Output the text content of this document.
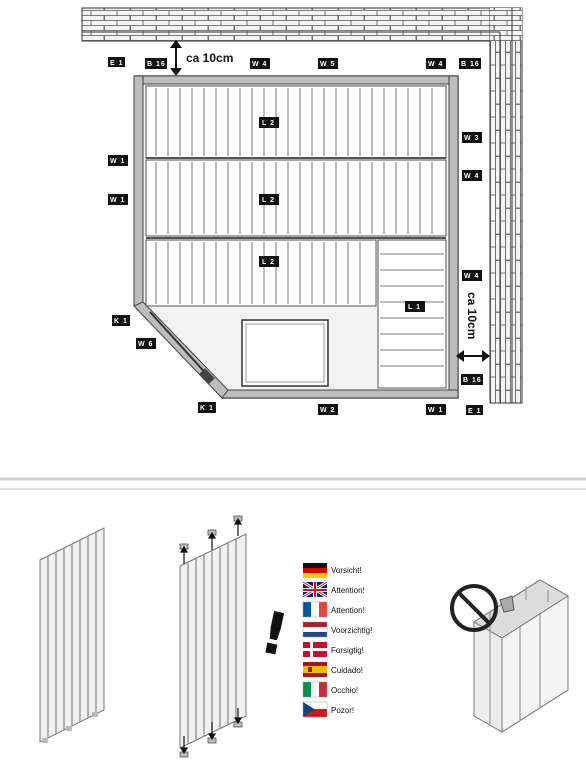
ca 10cm
ca 10cm
E 1	B 16	W 4	W 5	W 4	B 16
W 3
W 4
W 4
W 1
W 1
L 2
L 2
L 2
L 1
K 1
W 6
K 1	W 2	W 1
B 16
E 1
!
Vorsicht!
Attention!
Attention!
Voorzichtig!
Forsigtig!
Cuidado!
Occhio!
Pozor!
